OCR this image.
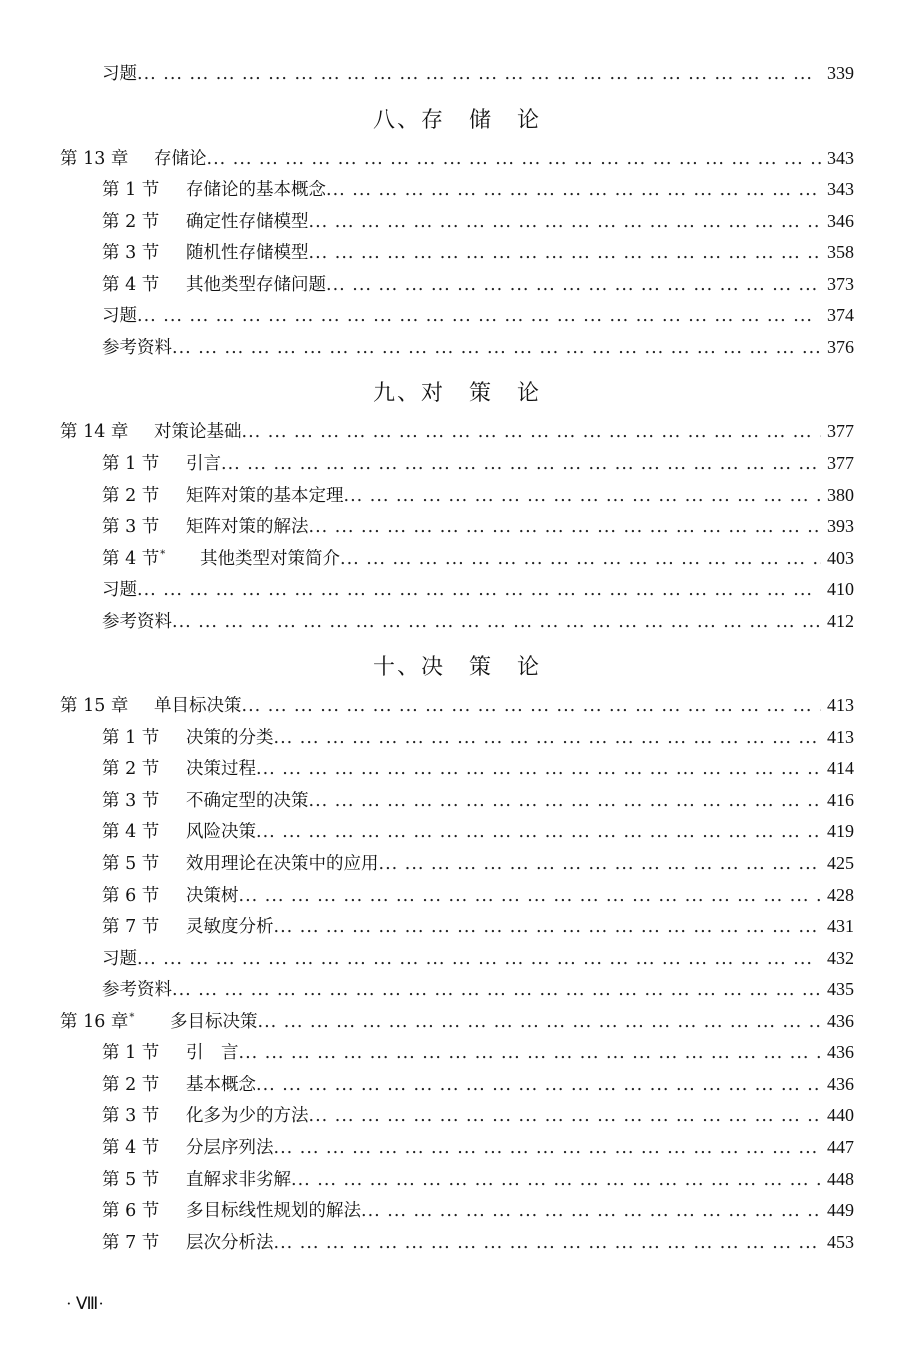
习题 ... .	339
八、存　储　论
第 13 章	存储论 ... .	343
第 1 节	存储论的基本概念 ... .	343
第 2 节	确定性存储模型 ... .	346
第 3 节	随机性存储模型 ... .	358
第 4 节	其他类型存储问题 ... .	373
习题 ... .	374
参考资料 ... .	376
九、对　策　论
第 14 章	对策论基础 ... .	377
第 1 节	引言 ... .	377
第 2 节	矩阵对策的基本定理 ... .	380
第 3 节	矩阵对策的解法 ... .	393
第 4 节*	其他类型对策简介 ... .	403
习题 ... .	410
参考资料 ... .	412
十、决　策　论
第 15 章	单目标决策 ... .	413
第 1 节	决策的分类 ... .	413
第 2 节	决策过程 ... .	414
第 3 节	不确定型的决策 ... .	416
第 4 节	风险决策 ... .	419
第 5 节	效用理论在决策中的应用 ... .	425
第 6 节	决策树 ... .	428
第 7 节	灵敏度分析 ... .	431
习题 ... .	432
参考资料 ... .	435
第 16 章*	多目标决策 ... .	436
第 1 节	引　言 ... .	436
第 2 节	基本概念 ... .	436
第 3 节	化多为少的方法 ... .	440
第 4 节	分层序列法 ... .	447
第 5 节	直解求非劣解 ... .	448
第 6 节	多目标线性规划的解法 ... .	449
第 7 节	层次分析法 ... .	453
· Ⅷ·
